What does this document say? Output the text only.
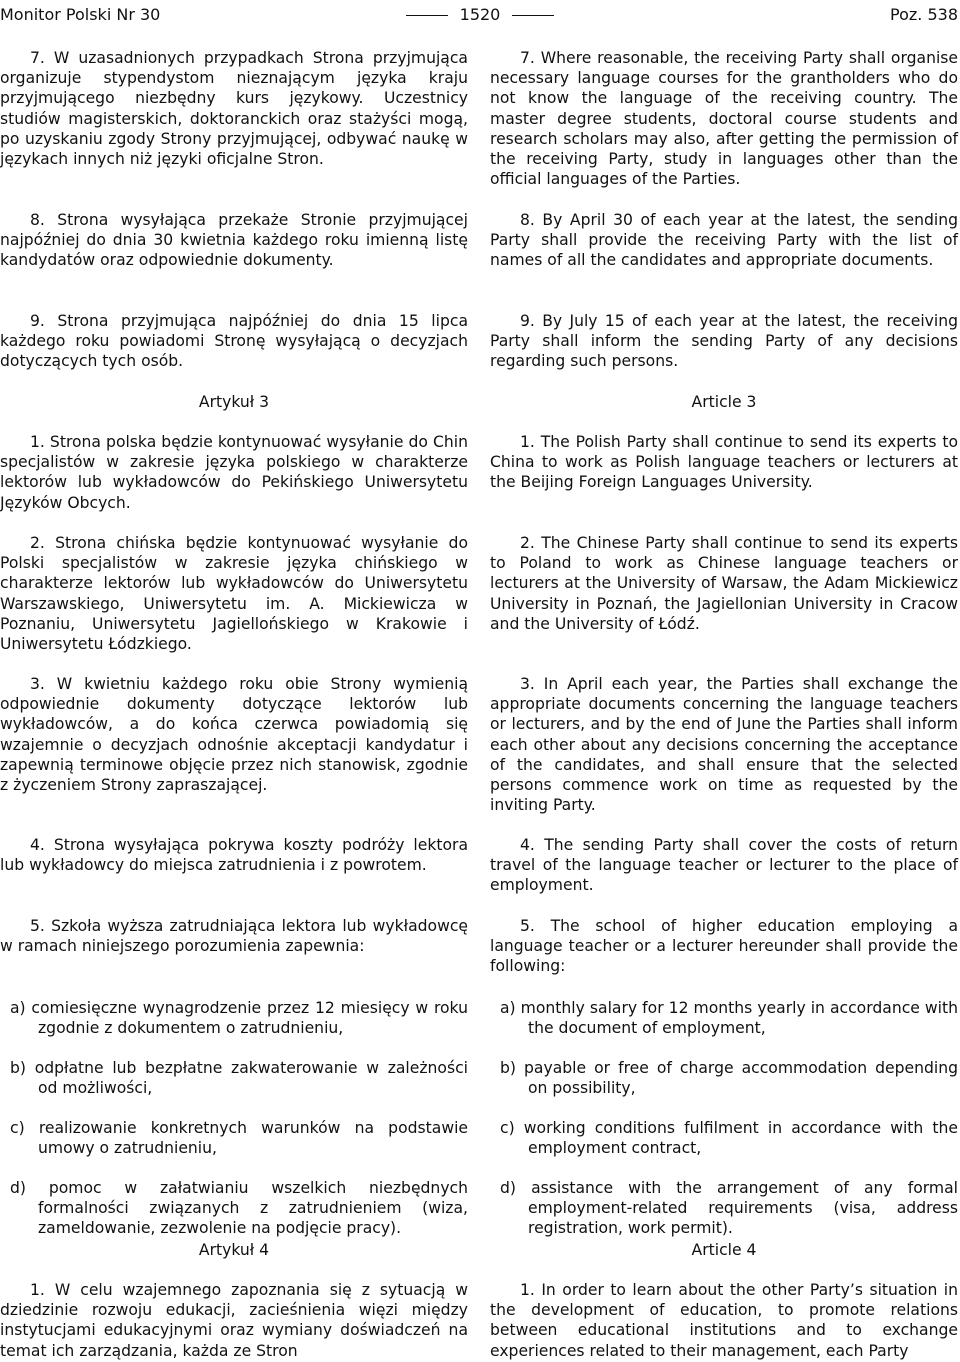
Monitor Polski Nr 30	1520	Poz. 538

7. W uzasadnionych przypadkach Strona przyjmująca organizuje stypendystom nieznającym języka kraju przyjmującego niezbędny kurs językowy. Uczestnicy studiów magisterskich, doktoranckich oraz stażyści mogą, po uzyskaniu zgody Strony przyjmującej, odbywać naukę w językach innych niż języki oficjalne Stron.

8. Strona wysyłająca przekaże Stronie przyjmującej najpóźniej do dnia 30 kwietnia każdego roku imienną listę kandydatów oraz odpowiednie dokumenty.

9. Strona przyjmująca najpóźniej do dnia 15 lipca każdego roku powiadomi Stronę wysyłającą o decyzjach dotyczących tych osób.

Artykuł 3

1. Strona polska będzie kontynuować wysyłanie do Chin specjalistów w zakresie języka polskiego w charakterze lektorów lub wykładowców do Pekińskiego Uniwersytetu Języków Obcych.

2. Strona chińska będzie kontynuować wysyłanie do Polski specjalistów w zakresie języka chińskiego w charakterze lektorów lub wykładowców do Uniwersytetu Warszawskiego, Uniwersytetu im. A. Mickiewicza w Poznaniu, Uniwersytetu Jagiellońskiego w Krakowie i Uniwersytetu Łódzkiego.

3. W kwietniu każdego roku obie Strony wymienią odpowiednie dokumenty dotyczące lektorów lub wykładowców, a do końca czerwca powiadomią się wzajemnie o decyzjach odnośnie akceptacji kandydatur i zapewnią terminowe objęcie przez nich stanowisk, zgodnie z życzeniem Strony zapraszającej.

4. Strona wysyłająca pokrywa koszty podróży lektora lub wykładowcy do miejsca zatrudnienia i z powrotem.

5. Szkoła wyższa zatrudniająca lektora lub wykładowcę w ramach niniejszego porozumienia zapewnia:

a) comiesięczne wynagrodzenie przez 12 miesięcy w roku zgodnie z dokumentem o zatrudnieniu,

b) odpłatne lub bezpłatne zakwaterowanie w zależności od możliwości,

c) realizowanie konkretnych warunków na podstawie umowy o zatrudnieniu,

d) pomoc w załatwianiu wszelkich niezbędnych formalności związanych z zatrudnieniem (wiza, zameldowanie, zezwolenie na podjęcie pracy).

Artykuł 4

1. W celu wzajemnego zapoznania się z sytuacją w dziedzinie rozwoju edukacji, zacieśnienia więzi między instytucjami edukacyjnymi oraz wymiany doświadczeń na temat ich zarządzania, każda ze Stron

7. Where reasonable, the receiving Party shall organise necessary language courses for the grantholders who do not know the language of the receiving country. The master degree students, doctoral course students and research scholars may also, after getting the permission of the receiving Party, study in languages other than the official languages of the Parties.

8. By April 30 of each year at the latest, the sending Party shall provide the receiving Party with the list of names of all the candidates and appropriate documents.

9. By July 15 of each year at the latest, the receiving Party shall inform the sending Party of any decisions regarding such persons.

Article 3

1. The Polish Party shall continue to send its experts to China to work as Polish language teachers or lecturers at the Beijing Foreign Languages University.

2. The Chinese Party shall continue to send its experts to Poland to work as Chinese language teachers or lecturers at the University of Warsaw, the Adam Mickiewicz University in Poznań, the Jagiellonian University in Cracow and the University of Łódź.

3. In April each year, the Parties shall exchange the appropriate documents concerning the language teachers or lecturers, and by the end of June the Parties shall inform each other about any decisions concerning the acceptance of the candidates, and shall ensure that the selected persons commence work on time as requested by the inviting Party.

4. The sending Party shall cover the costs of return travel of the language teacher or lecturer to the place of employment.

5. The school of higher education employing a language teacher or a lecturer hereunder shall provide the following:

a) monthly salary for 12 months yearly in accordance with the document of employment,

b) payable or free of charge accommodation depending on possibility,

c) working conditions fulfilment in accordance with the employment contract,

d) assistance with the arrangement of any formal employment-related requirements (visa, address registration, work permit).

Article 4

1. In order to learn about the other Party’s situation in the development of education, to promote relations between educational institutions and to exchange experiences related to their management, each Party
